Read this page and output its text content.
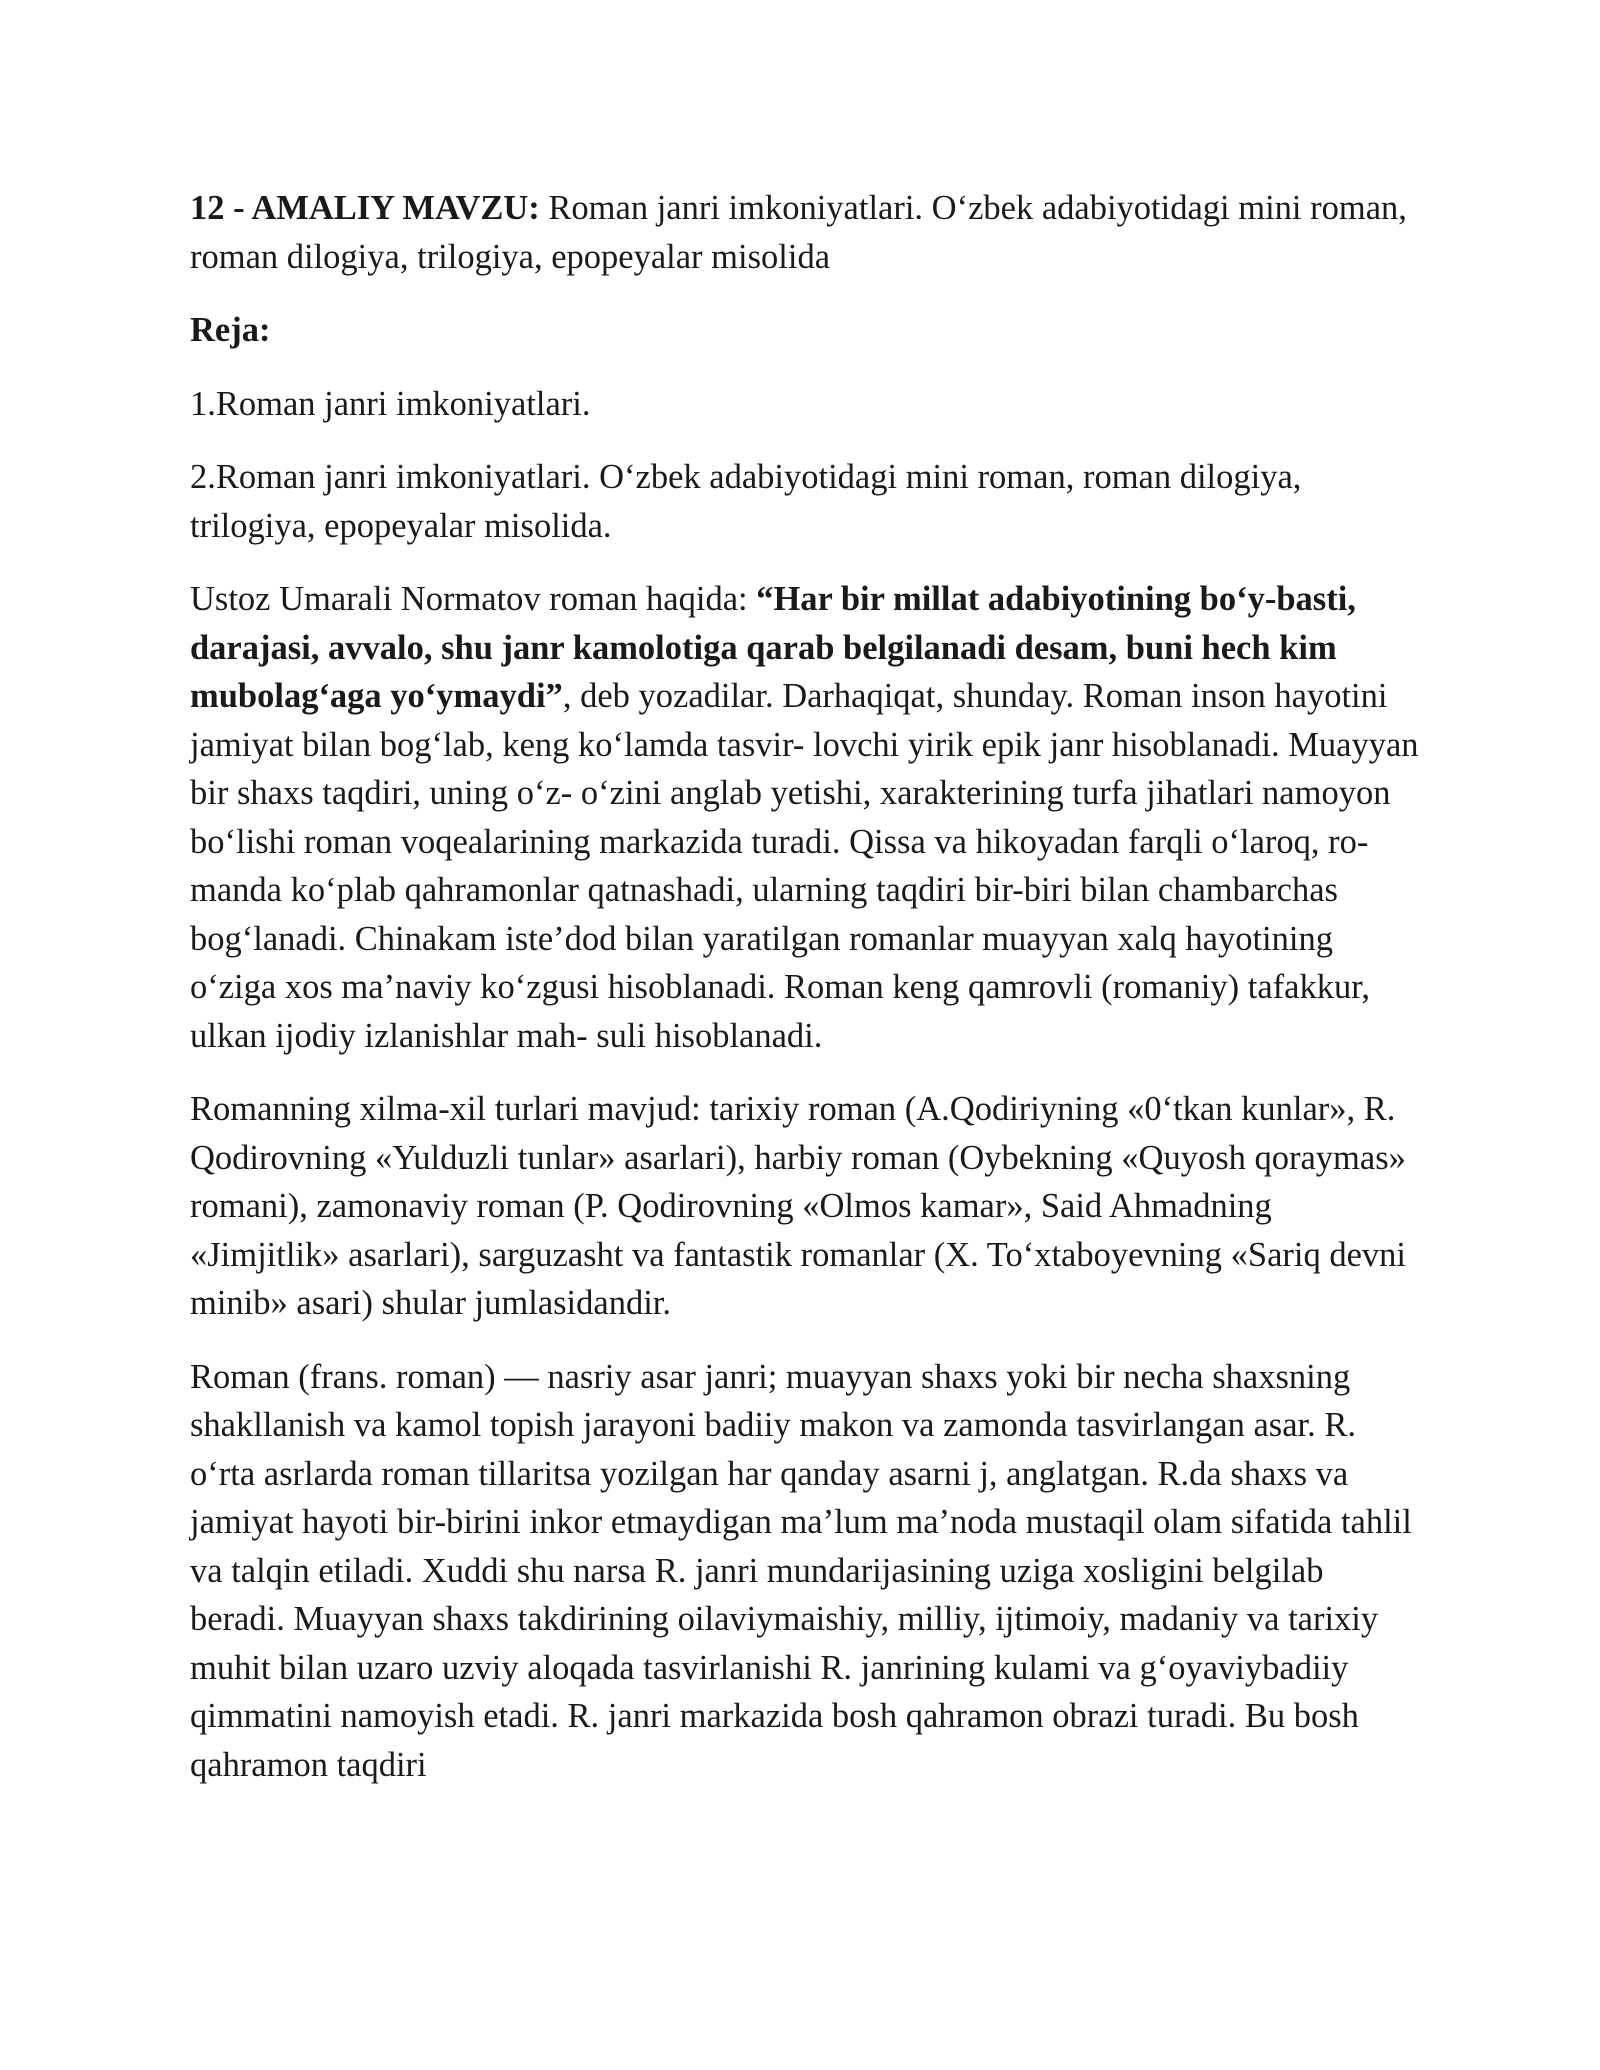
12 - AMALIY MAVZU: Roman janri imkoniyatlari. O‘zbek adabiyotidagi mini roman, roman dilogiya, trilogiya, epopeyalar misolida

Reja:

1.Roman janri imkoniyatlari.

2.Roman janri imkoniyatlari. O‘zbek adabiyotidagi mini roman, roman dilogiya, trilogiya, epopeyalar misolida.

Ustoz Umarali Normatov roman haqida: “Har bir millat adabiyotining bo‘y-basti, darajasi, avvalo, shu janr kamolotiga qarab belgilanadi desam, buni hech kim mubolag‘aga yo‘ymaydi”, deb yozadilar. Darhaqiqat, shunday. Roman inson hayotini jamiyat bilan bog‘lab, keng ko‘lamda tasvir- lovchi yirik epik janr hisoblanadi. Muayyan bir shaxs taqdiri, uning o‘z- o‘zini anglab yetishi, xarakterining turfa jihatlari namoyon bo‘lishi roman voqealarining markazida turadi. Qissa va hikoyadan farqli o‘laroq, ro- manda ko‘plab qahramonlar qatnashadi, ularning taqdiri bir-biri bilan chambarchas bog‘lanadi. Chinakam iste’dod bilan yaratilgan romanlar muayyan xalq hayotining o‘ziga xos ma’naviy ko‘zgusi hisoblanadi. Roman keng qamrovli (romaniy) tafakkur, ulkan ijodiy izlanishlar mah- suli hisoblanadi.

Romanning xilma-xil turlari mavjud: tarixiy roman (A.Qodiriyning «0‘tkan kunlar», R. Qodirovning «Yulduzli tunlar» asarlari), harbiy roman (Oybekning «Quyosh qoraymas» romani), zamonaviy roman (P. Qodirovning «Olmos kamar», Said Ahmadning «Jimjitlik» asarlari), sarguzasht va fantastik romanlar (X. To‘xtaboyevning «Sariq devni minib» asari) shular jumlasidandir.

Roman (frans. roman) — nasriy asar janri; muayyan shaxs yoki bir necha shaxsning shakllanish va kamol topish jarayoni badiiy makon va zamonda tasvirlangan asar. R. o‘rta asrlarda roman tillaritsa yozilgan har qanday asarni j, anglatgan. R.da shaxs va jamiyat hayoti bir-birini inkor etmaydigan ma’lum ma’noda mustaqil olam sifatida tahlil va talqin etiladi. Xuddi shu narsa R. janri mundarijasining uziga xosligini belgilab beradi. Muayyan shaxs takdirining oilaviymaishiy, milliy, ijtimoiy, madaniy va tarixiy muhit bilan uzaro uzviy aloqada tasvirlanishi R. janrining kulami va g‘oyaviybadiiy qimmatini namoyish etadi. R. janri markazida bosh qahramon obrazi turadi. Bu bosh qahramon taqdiri
